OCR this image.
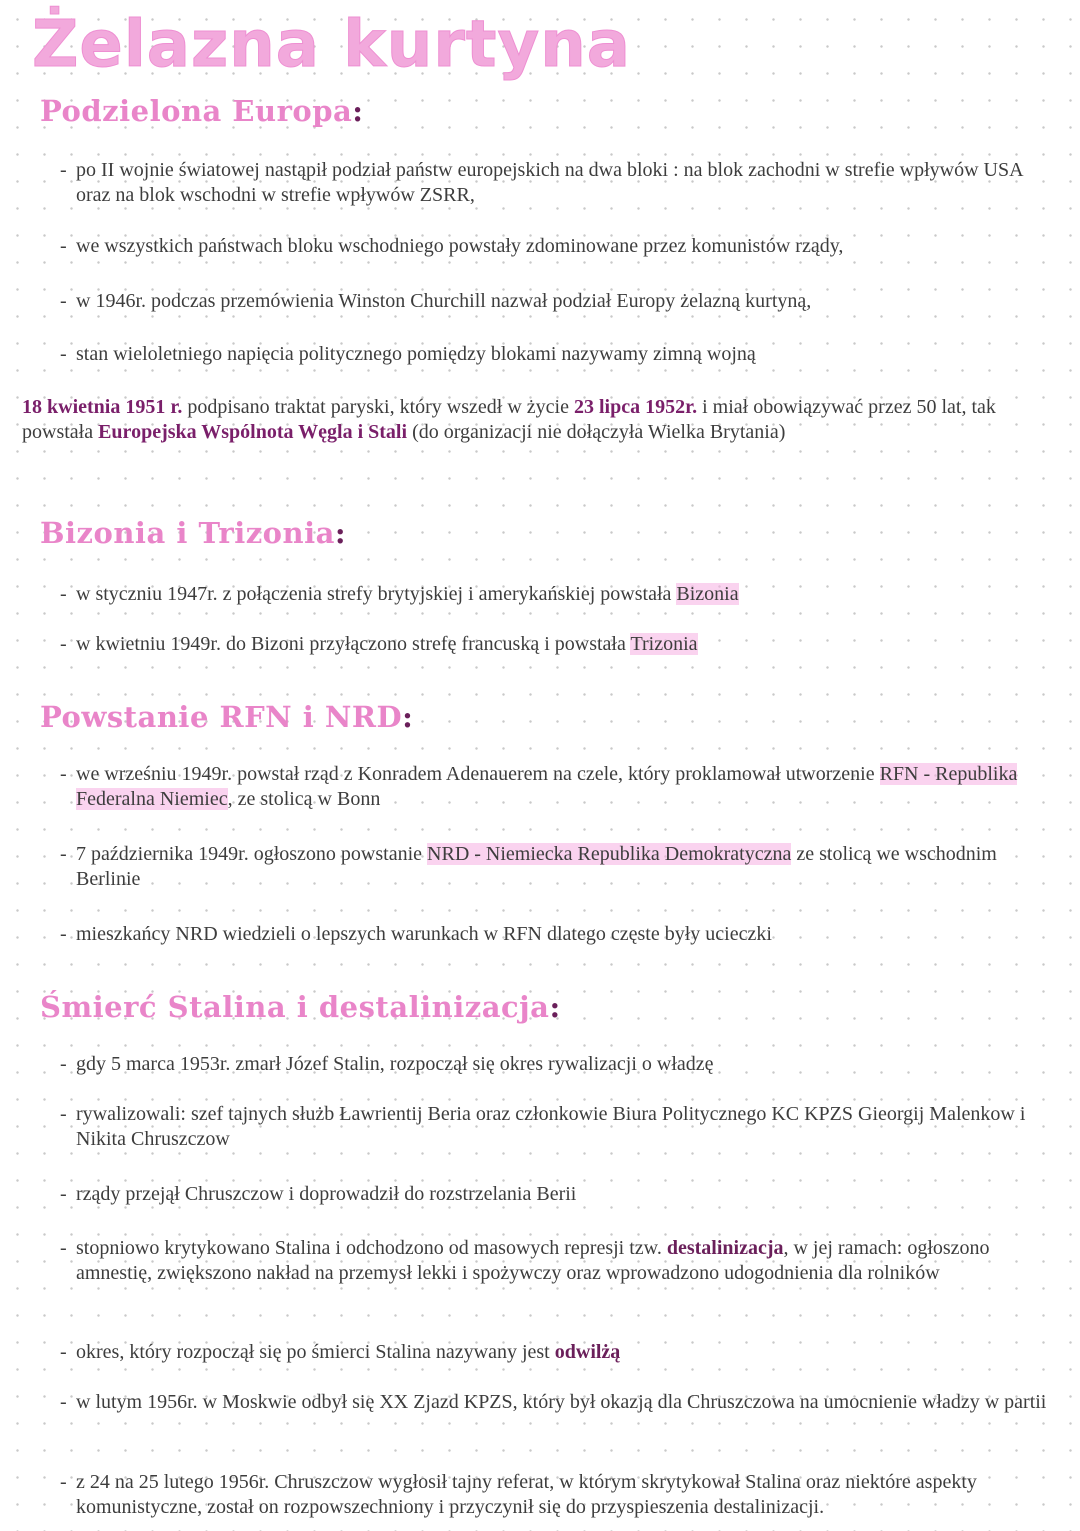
Żelazna kurtyna
Podzielona Europa:
- po II wojnie światowej nastąpił podział państw europejskich na dwa bloki : na blok zachodni w strefie wpływów USA oraz na blok wschodni w strefie wpływów ZSRR,
- we wszystkich państwach bloku wschodniego powstały zdominowane przez komunistów rządy,
- w 1946r. podczas przemówienia Winston Churchill nazwał podział Europy żelazną kurtyną,
- stan wieloletniego napięcia politycznego pomiędzy blokami nazywamy zimną wojną
18 kwietnia 1951 r. podpisano traktat paryski, który wszedł w życie 23 lipca 1952r. i miał obowiązywać przez 50 lat, tak powstała Europejska Wspólnota Węgla i Stali (do organizacji nie dołączyła Wielka Brytania)
Bizonia i Trizonia:
- w styczniu 1947r. z połączenia strefy brytyjskiej i amerykańskiej powstała Bizonia
- w kwietniu 1949r. do Bizoni przyłączono strefę francuską i powstała Trizonia
Powstanie RFN i NRD:
- we wrześniu 1949r. powstał rząd z Konradem Adenauerem na czele, który proklamował utworzenie RFN - Republika Federalna Niemiec, ze stolicą w Bonn
- 7 października 1949r. ogłoszono powstanie NRD - Niemiecka Republika Demokratyczna ze stolicą we wschodnim Berlinie
- mieszkańcy NRD wiedzieli o lepszych warunkach w RFN dlatego częste były ucieczki
Śmierć Stalina i destalinizacja:
- gdy 5 marca 1953r. zmarł Józef Stalin, rozpoczął się okres rywalizacji o władzę
- rywalizowali: szef tajnych służb Ławrientij Beria oraz członkowie Biura Politycznego KC KPZS Gieorgij Malenkow i Nikita Chruszczow
- rządy przejął Chruszczow i doprowadził do rozstrzelania Berii
- stopniowo krytykowano Stalina i odchodzono od masowych represji tzw. destalinizacja, w jej ramach: ogłoszono amnestię, zwiększono nakład na przemysł lekki i spożywczy oraz wprowadzono udogodnienia dla rolników
- okres, który rozpoczął się po śmierci Stalina nazywany jest odwilżą
- w lutym 1956r. w Moskwie odbył się XX Zjazd KPZS, który był okazją dla Chruszczowa na umocnienie władzy w partii
- z 24 na 25 lutego 1956r. Chruszczow wygłosił tajny referat, w którym skrytykował Stalina oraz niektóre aspekty komunistyczne, został on rozpowszechniony i przyczynił się do przyspieszenia destalinizacji.
